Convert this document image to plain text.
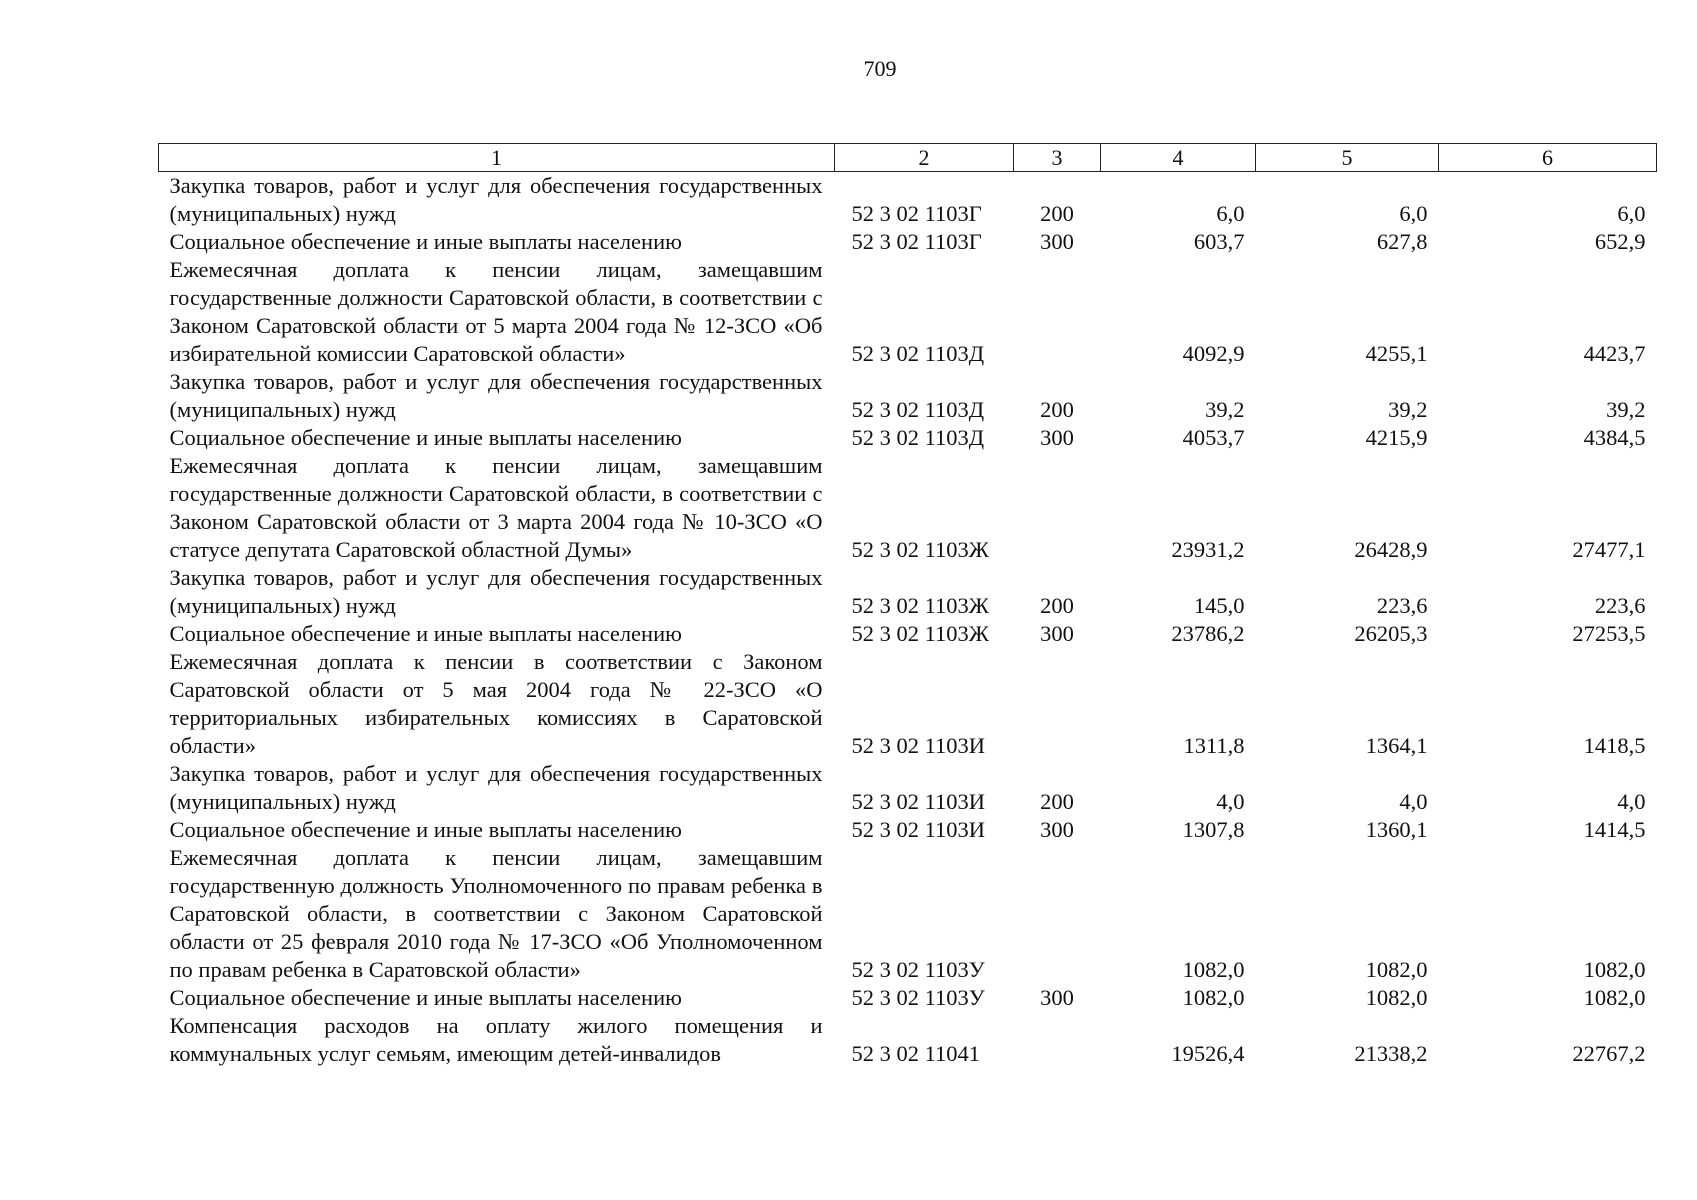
709
1	2	3	4	5	6
Закупка товаров, работ и услуг для обеспечения государственных (муниципальных) нужд	52 3 02 1103Г	200	6,0	6,0	6,0
Социальное обеспечение и иные выплаты населению	52 3 02 1103Г	300	603,7	627,8	652,9
Ежемесячная доплата к пенсии лицам, замещавшим государственные должности Саратовской области, в соответствии с Законом Саратовской области от 5 марта 2004 года № 12-ЗСО «Об избирательной комиссии Саратовской области»	52 3 02 1103Д		4092,9	4255,1	4423,7
Закупка товаров, работ и услуг для обеспечения государственных (муниципальных) нужд	52 3 02 1103Д	200	39,2	39,2	39,2
Социальное обеспечение и иные выплаты населению	52 3 02 1103Д	300	4053,7	4215,9	4384,5
Ежемесячная доплата к пенсии лицам, замещавшим государственные должности Саратовской области, в соответствии с Законом Саратовской области от 3 марта 2004 года № 10-ЗСО «О статусе депутата Саратовской областной Думы»	52 3 02 1103Ж		23931,2	26428,9	27477,1
Закупка товаров, работ и услуг для обеспечения государственных (муниципальных) нужд	52 3 02 1103Ж	200	145,0	223,6	223,6
Социальное обеспечение и иные выплаты населению	52 3 02 1103Ж	300	23786,2	26205,3	27253,5
Ежемесячная доплата к пенсии в соответствии с Законом Саратовской области от 5 мая 2004 года № 22-ЗСО «О территориальных избирательных комиссиях в Саратовской области»	52 3 02 1103И		1311,8	1364,1	1418,5
Закупка товаров, работ и услуг для обеспечения государственных (муниципальных) нужд	52 3 02 1103И	200	4,0	4,0	4,0
Социальное обеспечение и иные выплаты населению	52 3 02 1103И	300	1307,8	1360,1	1414,5
Ежемесячная доплата к пенсии лицам, замещавшим государственную должность Уполномоченного по правам ребенка в Саратовской области, в соответствии с Законом Саратовской области от 25 февраля 2010 года № 17-ЗСО «Об Уполномоченном по правам ребенка в Саратовской области»	52 3 02 1103У		1082,0	1082,0	1082,0
Социальное обеспечение и иные выплаты населению	52 3 02 1103У	300	1082,0	1082,0	1082,0
Компенсация расходов на оплату жилого помещения и коммунальных услуг семьям, имеющим детей-инвалидов	52 3 02 11041		19526,4	21338,2	22767,2
